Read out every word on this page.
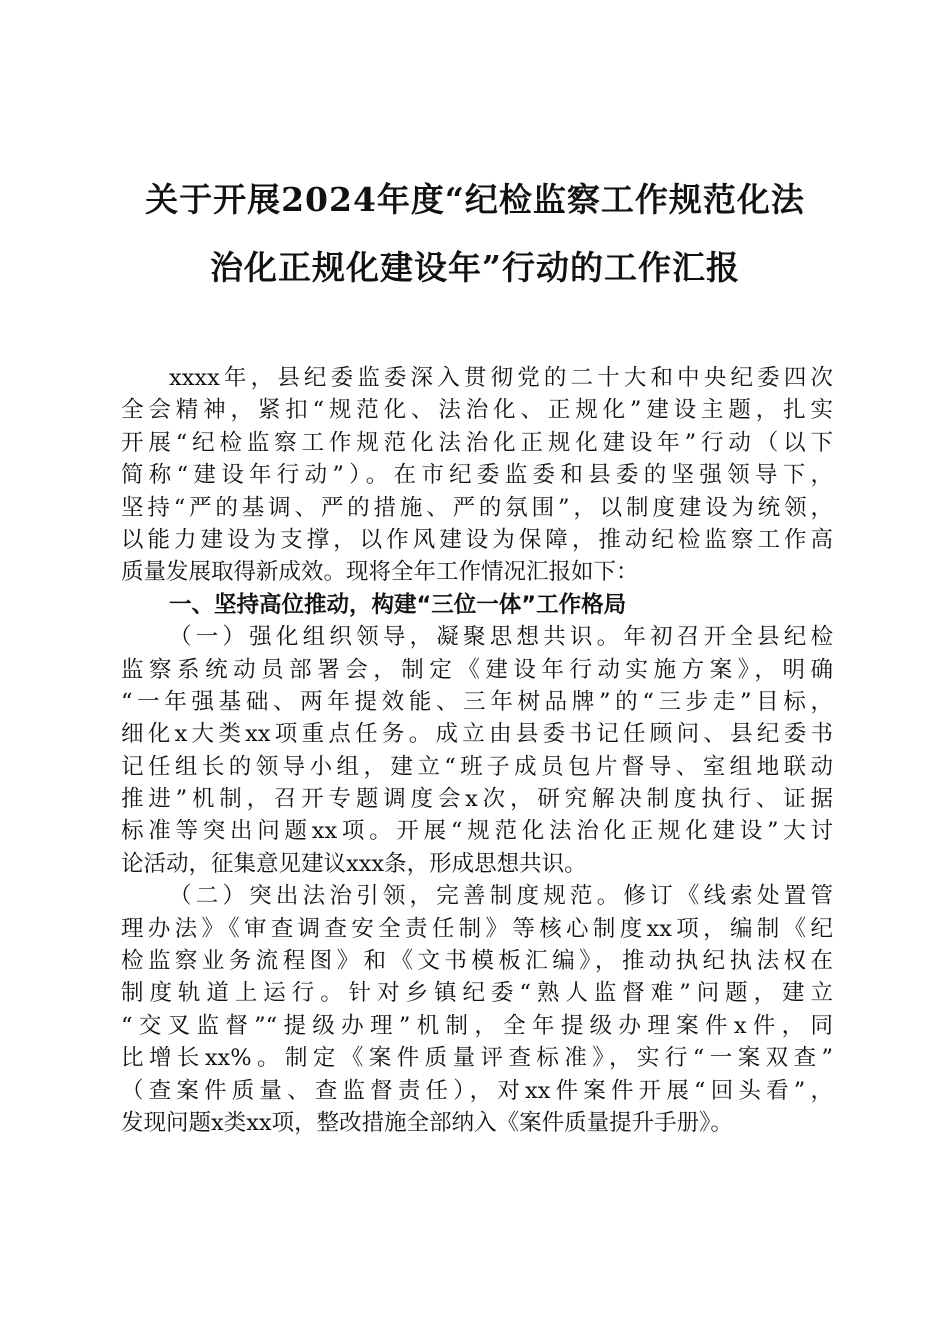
关于开展2024年度“纪检监察工作规范化法
治化正规化建设年”行动的工作汇报
xxxx年，县纪委监委深入贯彻党的二十大和中央纪委四次
全会精神，紧扣“规范化、法治化、正规化”建设主题，扎实
开展“纪检监察工作规范化法治化正规化建设年”行动（以下
简称“建设年行动”）。在市纪委监委和县委的坚强领导下，
坚持“严的基调、严的措施、严的氛围”，以制度建设为统领，
以能力建设为支撑，以作风建设为保障，推动纪检监察工作高
质量发展取得新成效。现将全年工作情况汇报如下：
一、坚持高位推动，构建“三位一体”工作格局
（一）强化组织领导，凝聚思想共识。年初召开全县纪检
监察系统动员部署会，制定《建设年行动实施方案》，明确
“一年强基础、两年提效能、三年树品牌”的“三步走”目标，
细化x大类xx项重点任务。成立由县委书记任顾问、县纪委书
记任组长的领导小组，建立“班子成员包片督导、室组地联动
推进”机制，召开专题调度会x次，研究解决制度执行、证据
标准等突出问题xx项。开展“规范化法治化正规化建设”大讨
论活动，征集意见建议xxx条，形成思想共识。
（二）突出法治引领，完善制度规范。修订《线索处置管
理办法》《审查调查安全责任制》等核心制度xx项，编制《纪
检监察业务流程图》和《文书模板汇编》，推动执纪执法权在
制度轨道上运行。针对乡镇纪委“熟人监督难”问题，建立
“交叉监督”“提级办理”机制，全年提级办理案件x件，同
比增长xx%。制定《案件质量评查标准》，实行“一案双查”
（查案件质量、查监督责任），对xx件案件开展“回头看”，
发现问题x类xx项，整改措施全部纳入《案件质量提升手册》。
